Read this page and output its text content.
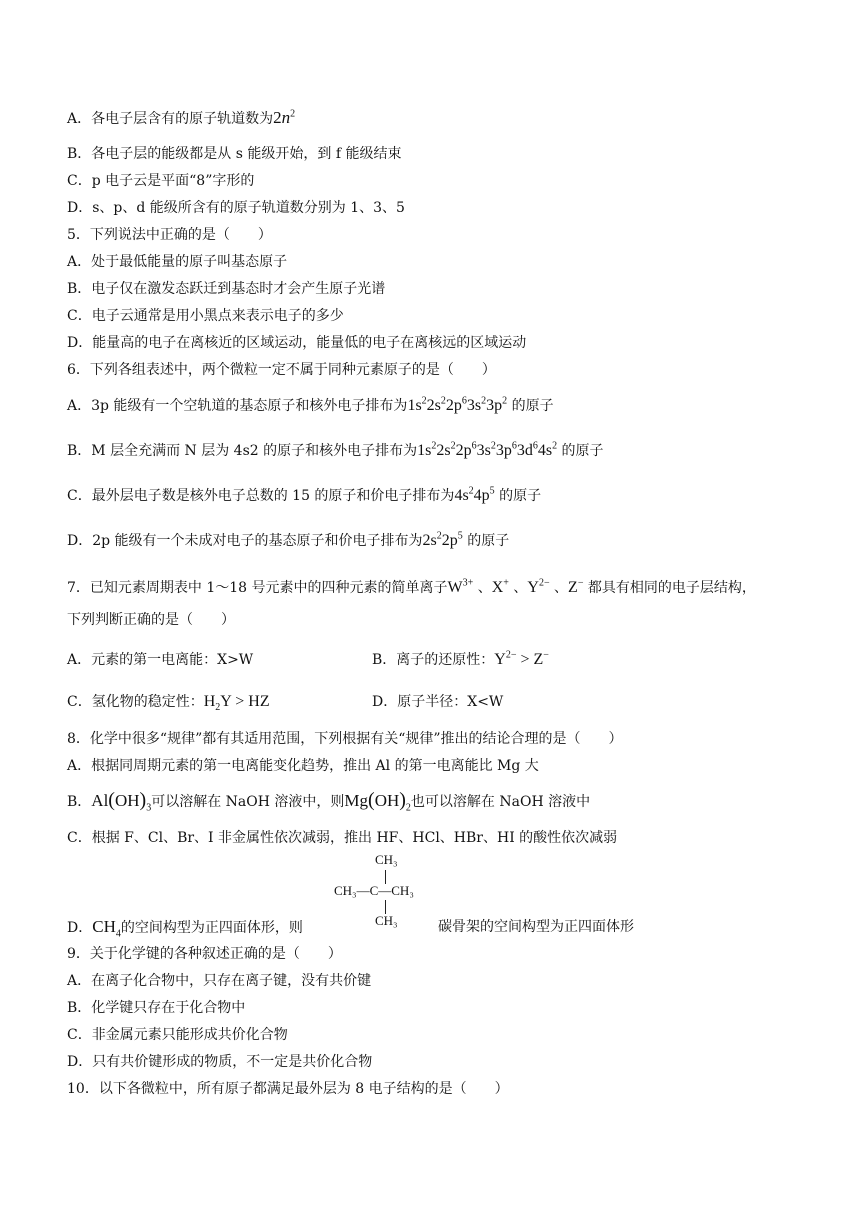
A．各电子层含有的原子轨道数为$2n^2$
B．各电子层的能级都是从 s 能级开始，到 f 能级结束
C．p 电子云是平面“8”字形的
D．s、p、d 能级所含有的原子轨道数分别为 1、3、5
5．下列说法中正确的是（　　）
A．处于最低能量的原子叫基态原子
B．电子仅在激发态跃迁到基态时才会产生原子光谱
C．电子云通常是用小黑点来表示电子的多少
D．能量高的电子在离核近的区域运动，能量低的电子在离核远的区域运动
6．下列各组表述中，两个微粒一定不属于同种元素原子的是（　　）
A．3p 能级有一个空轨道的基态原子和核外电子排布为$1s^22s^22p^63s^23p^2$ 的原子
B．M 层全充满而 N 层为 4s2 的原子和核外电子排布为$1s^22s^22p^63s^23p^63d^64s^2$ 的原子
C．最外层电子数是核外电子总数的 15 的原子和价电子排布为$4s^24p^5$ 的原子
D．2p 能级有一个未成对电子的基态原子和价电子排布为$2s^22p^5$ 的原子
7．已知元素周期表中 1～18 号元素中的四种元素的简单离子$W^{3+}$ 、X+ 、$Y^{2-}$ 、Z− 都具有相同的电子层结构，
下列判断正确的是（　　）
A．元素的第一电离能：X>W	B．离子的还原性：$Y^{2-} > Z^-$
C．氢化物的稳定性：$H_2Y$ > HZ	D．原子半径：X<W
8．化学中很多“规律”都有其适用范围，下列根据有关“规律”推出的结论合理的是（　　）
A．根据同周期元素的第一电离能变化趋势，推出 Al 的第一电离能比 Mg 大
B．$Al(OH)_3$可以溶解在 NaOH 溶液中，则$Mg(OH)_2$也可以溶解在 NaOH 溶液中
C．根据 F、Cl、Br、I 非金属性依次减弱，推出 HF、HCl、HBr、HI 的酸性依次减弱
CH₃
CH₃—C—CH₃
CH₃
D．$CH_4$的空间构型为正四面体形，则	碳骨架的空间构型为正四面体形
9．关于化学键的各种叙述正确的是（　　）
A．在离子化合物中，只存在离子键，没有共价键
B．化学键只存在于化合物中
C．非金属元素只能形成共价化合物
D．只有共价键形成的物质，不一定是共价化合物
10．以下各微粒中，所有原子都满足最外层为 8 电子结构的是（　　）
